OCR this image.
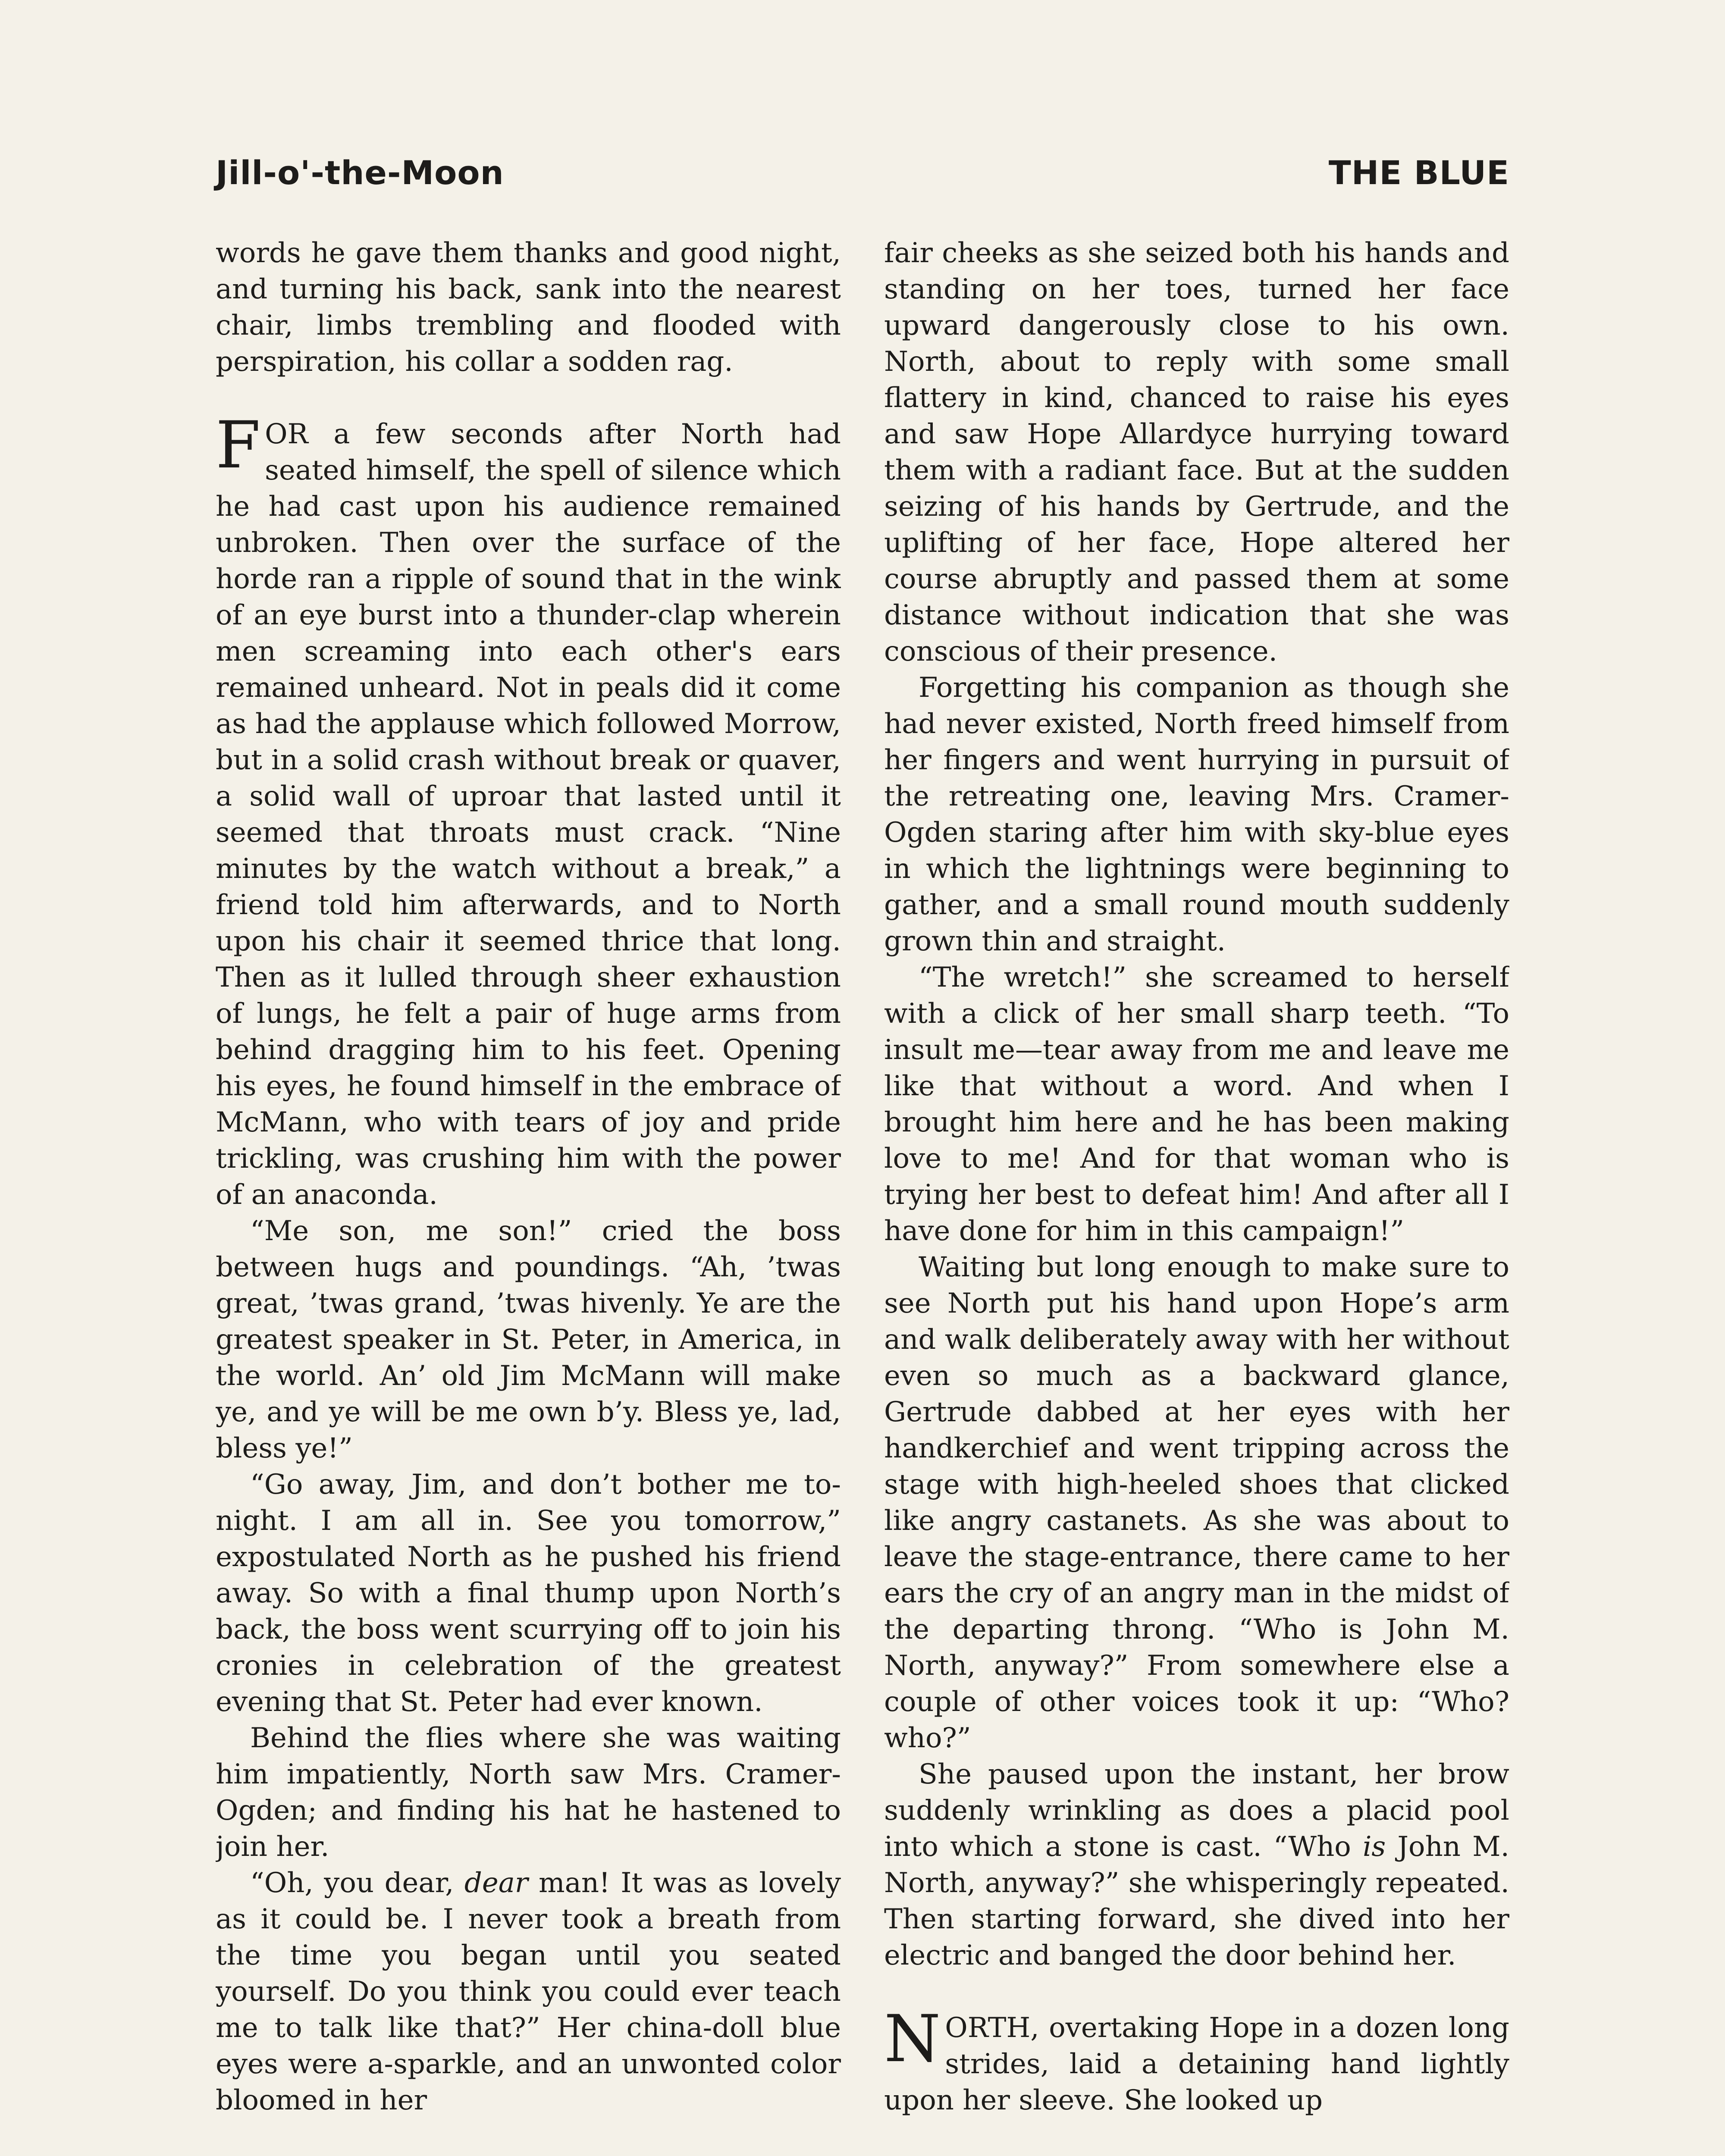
Jill-o'-the-Moon	THE BLUE

words he gave them thanks and good night, and turning his back, sank into the nearest chair, limbs trembling and flooded with perspiration, his collar a sodden rag.

FOR a few seconds after North had seated himself, the spell of silence which he had cast upon his audience remained unbroken. Then over the surface of the horde ran a ripple of sound that in the wink of an eye burst into a thunder-clap wherein men screaming into each other's ears remained unheard. Not in peals did it come as had the applause which followed Morrow, but in a solid crash without break or quaver, a solid wall of uproar that lasted until it seemed that throats must crack. “Nine minutes by the watch without a break,” a friend told him afterwards, and to North upon his chair it seemed thrice that long. Then as it lulled through sheer exhaustion of lungs, he felt a pair of huge arms from behind dragging him to his feet. Opening his eyes, he found himself in the embrace of McMann, who with tears of joy and pride trickling, was crushing him with the power of an anaconda.

“Me son, me son!” cried the boss between hugs and poundings. “Ah, ’twas great, ’twas grand, ’twas hivenly. Ye are the greatest speaker in St. Peter, in America, in the world. An’ old Jim McMann will make ye, and ye will be me own b’y. Bless ye, lad, bless ye!”

“Go away, Jim, and don’t bother me to-night. I am all in. See you tomorrow,” expostulated North as he pushed his friend away. So with a final thump upon North’s back, the boss went scurrying off to join his cronies in celebration of the greatest evening that St. Peter had ever known.

Behind the flies where she was waiting him impatiently, North saw Mrs. Cramer-Ogden; and finding his hat he hastened to join her.

“Oh, you dear, dear man! It was as lovely as it could be. I never took a breath from the time you began until you seated yourself. Do you think you could ever teach me to talk like that?” Her china-doll blue eyes were a-sparkle, and an unwonted color bloomed in her

fair cheeks as she seized both his hands and standing on her toes, turned her face upward dangerously close to his own. North, about to reply with some small flattery in kind, chanced to raise his eyes and saw Hope Allardyce hurrying toward them with a radiant face. But at the sudden seizing of his hands by Gertrude, and the uplifting of her face, Hope altered her course abruptly and passed them at some distance without indication that she was conscious of their presence.

Forgetting his companion as though she had never existed, North freed himself from her fingers and went hurrying in pursuit of the retreating one, leaving Mrs. Cramer-Ogden staring after him with sky-blue eyes in which the lightnings were beginning to gather, and a small round mouth suddenly grown thin and straight.

“The wretch!” she screamed to herself with a click of her small sharp teeth. “To insult me—tear away from me and leave me like that without a word. And when I brought him here and he has been making love to me! And for that woman who is trying her best to defeat him! And after all I have done for him in this campaign!”

Waiting but long enough to make sure to see North put his hand upon Hope’s arm and walk deliberately away with her without even so much as a backward glance, Gertrude dabbed at her eyes with her handkerchief and went tripping across the stage with high-heeled shoes that clicked like angry castanets. As she was about to leave the stage-entrance, there came to her ears the cry of an angry man in the midst of the departing throng. “Who is John M. North, anyway?” From somewhere else a couple of other voices took it up: “Who? who?”

She paused upon the instant, her brow suddenly wrinkling as does a placid pool into which a stone is cast. “Who is John M. North, anyway?” she whisperingly repeated. Then starting forward, she dived into her electric and banged the door behind her.

NORTH, overtaking Hope in a dozen long strides, laid a detaining hand lightly upon her sleeve. She looked up
